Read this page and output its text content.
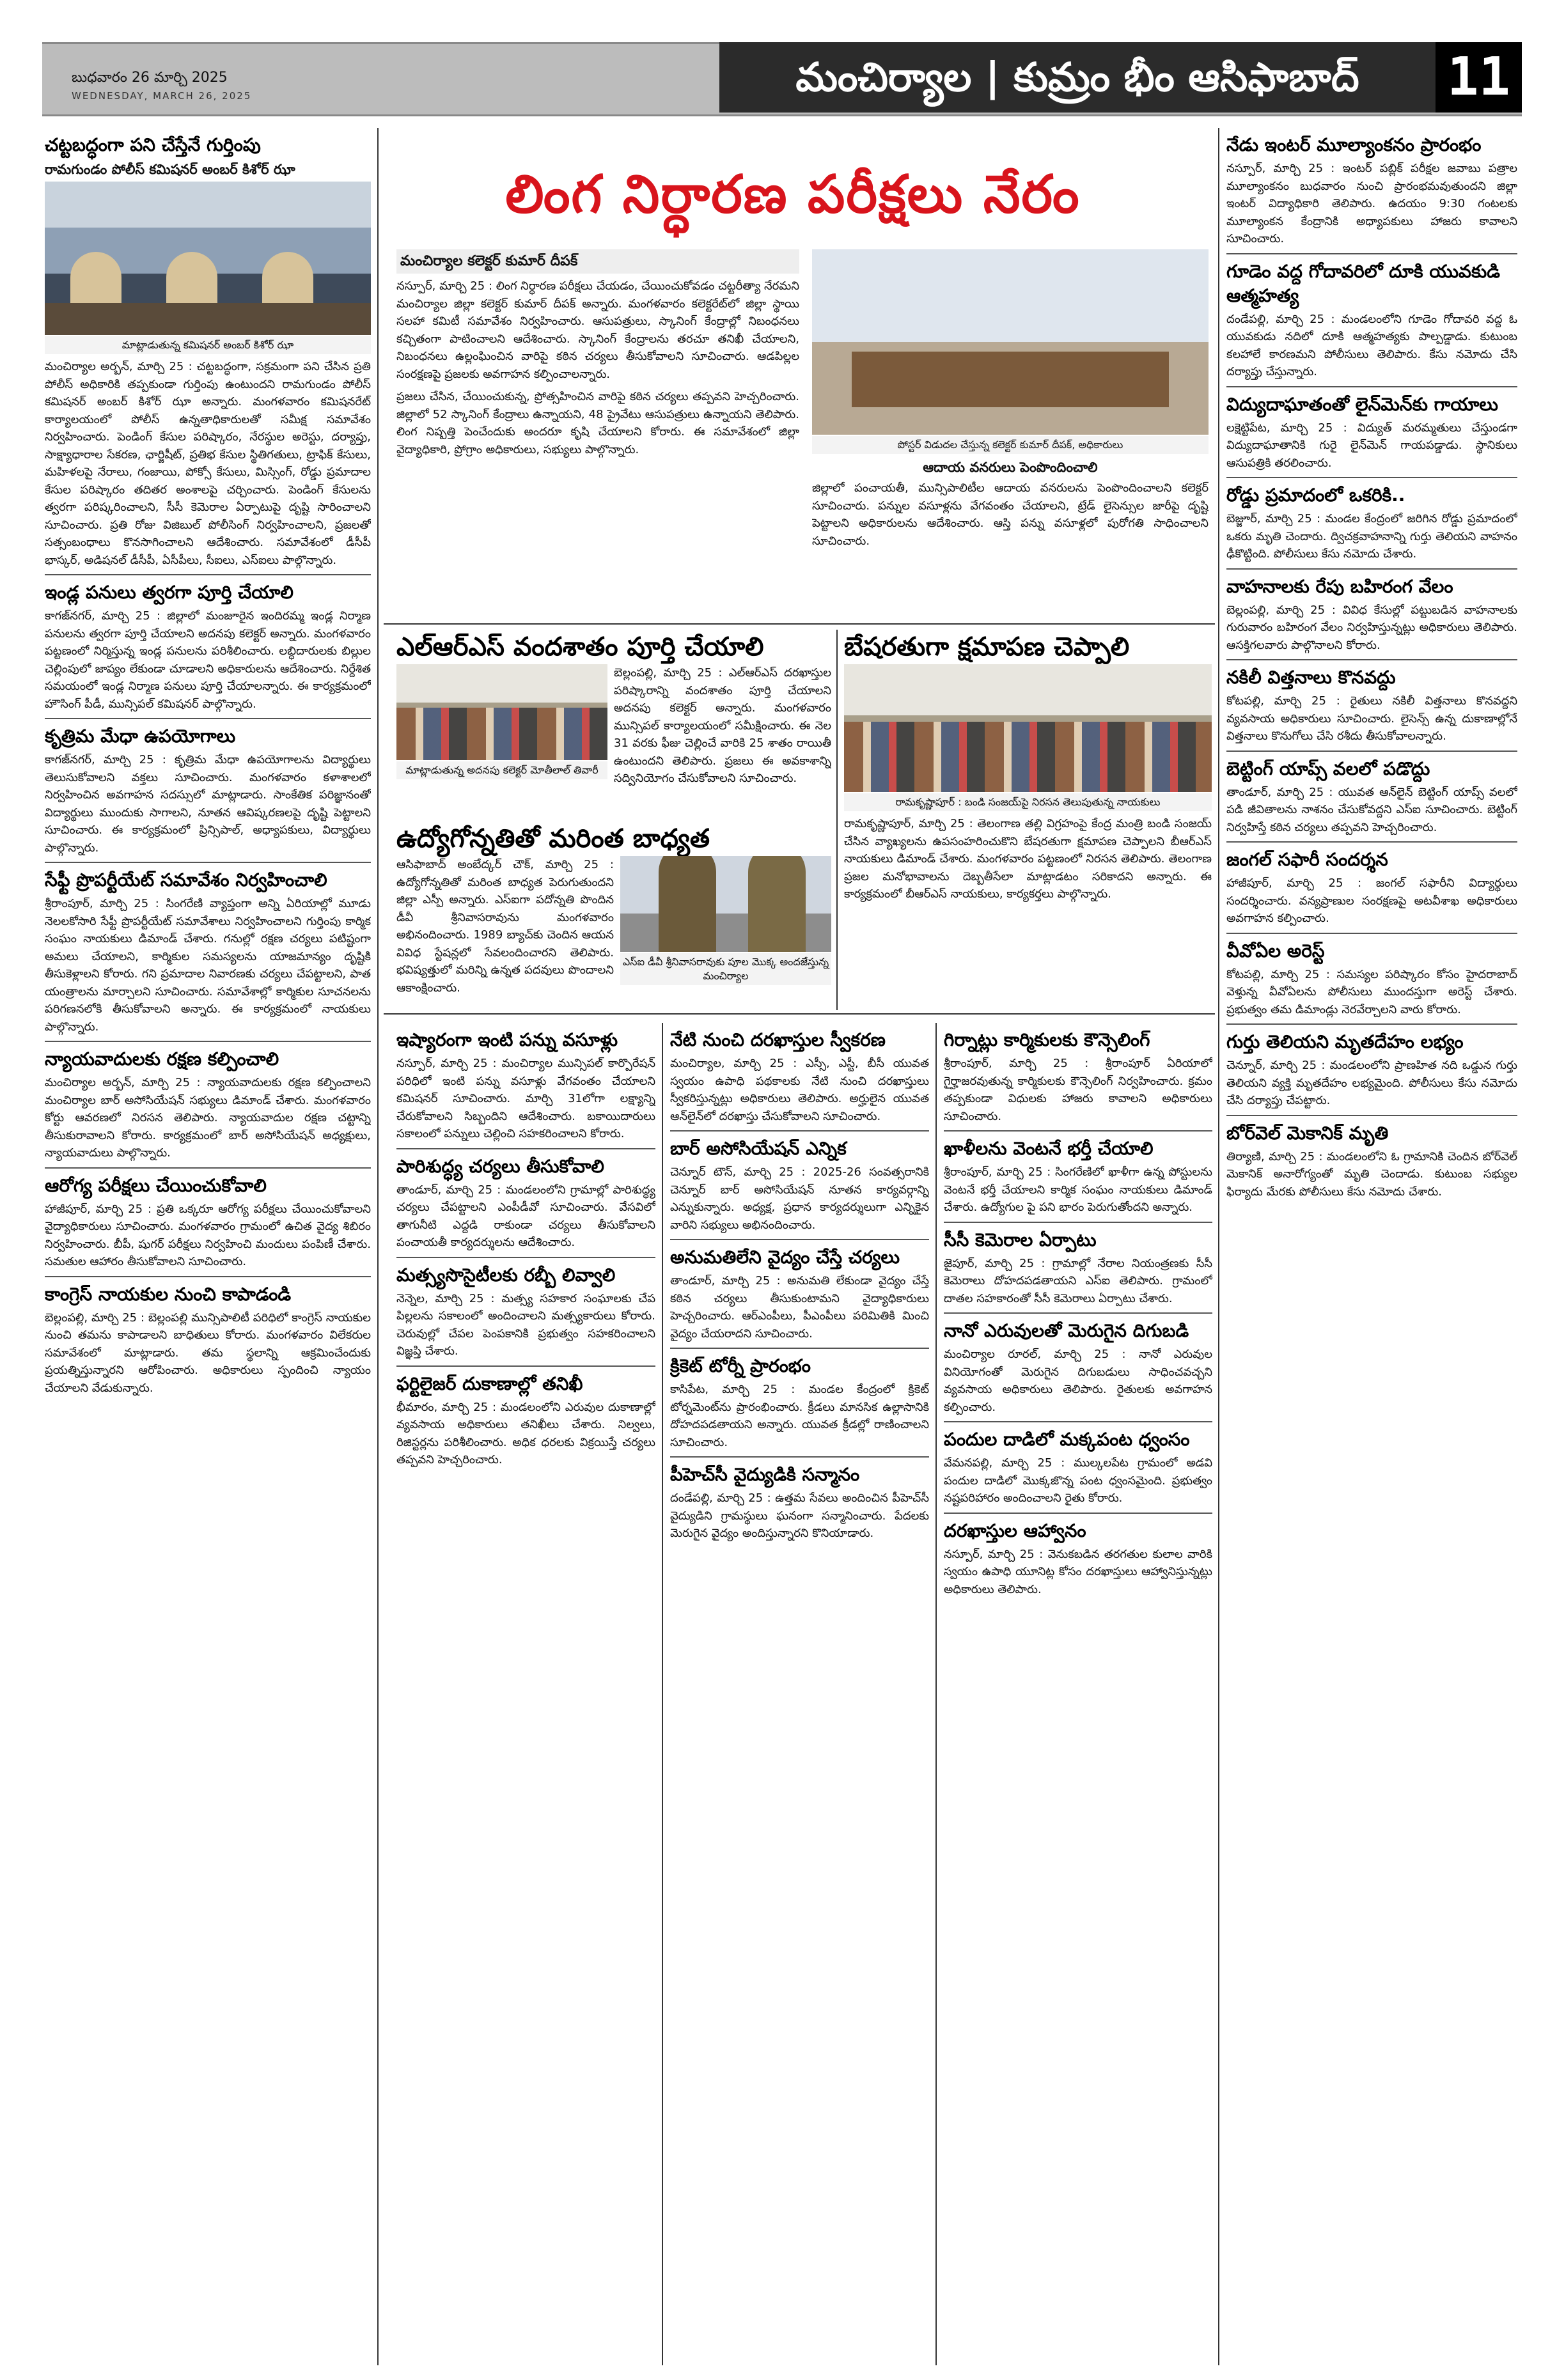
బుధవారం 26 మార్చి 2025
WEDNESDAY, MARCH 26, 2025	మంచిర్యాల | కుమ్రం భీం ఆసిఫాబాద్	11
చట్టబద్ధంగా పని చేస్తేనే గుర్తింపు
రామగుండం పోలీస్ కమిషనర్ అంబర్ కిశోర్ ఝా
మాట్లాడుతున్న కమిషనర్ అంబర్ కిశోర్ ఝా

మంచిర్యాల అర్బన్, మార్చి 25 : చట్టబద్ధంగా, సక్రమంగా పని చేసిన ప్రతి పోలీస్ అధికారికి తప్పకుండా గుర్తింపు ఉంటుందని రామగుండం పోలీస్ కమిషనర్ అంబర్ కిశోర్ ఝా అన్నారు. మంగళవారం కమిషనరేట్ కార్యాలయంలో పోలీస్ ఉన్నతాధికారులతో సమీక్ష సమావేశం నిర్వహించారు. పెండింగ్ కేసుల పరిష్కారం, నేరస్థుల అరెస్టు, దర్యాప్తు, సాక్ష్యాధారాల సేకరణ, ఛార్జిషీట్, ప్రతిభ కేసుల స్థితిగతులు, ట్రాఫిక్ కేసులు, మహిళలపై నేరాలు, గంజాయి, పోక్సో కేసులు, మిస్సింగ్, రోడ్డు ప్రమాదాల కేసుల పరిష్కారం తదితర అంశాలపై చర్చించారు. పెండింగ్ కేసులను త్వరగా పరిష్కరించాలని, సీసీ కెమెరాల ఏర్పాటుపై దృష్టి సారించాలని సూచించారు. ప్రతి రోజు విజిబుల్ పోలీసింగ్ నిర్వహించాలని, ప్రజలతో సత్సంబంధాలు కొనసాగించాలని ఆదేశించారు. సమావేశంలో డీసీపీ భాస్కర్, అడిషనల్ డీసీపీ, ఏసీపీలు, సీఐలు, ఎస్ఐలు పాల్గొన్నారు.

ఇండ్ల పనులు త్వరగా పూర్తి చేయాలి

కాగజ్‌నగర్, మార్చి 25 : జిల్లాలో మంజూరైన ఇందిరమ్మ ఇండ్ల నిర్మాణ పనులను త్వరగా పూర్తి చేయాలని అదనపు కలెక్టర్ అన్నారు. మంగళవారం పట్టణంలో నిర్మిస్తున్న ఇండ్ల పనులను పరిశీలించారు. లబ్ధిదారులకు బిల్లుల చెల్లింపులో జాప్యం లేకుండా చూడాలని అధికారులను ఆదేశించారు. నిర్దేశిత సమయంలో ఇండ్ల నిర్మాణ పనులు పూర్తి చేయాలన్నారు. ఈ కార్యక్రమంలో హౌసింగ్ పీడీ, మున్సిపల్ కమిషనర్ పాల్గొన్నారు.

కృత్రిమ మేధా ఉపయోగాలు

కాగజ్‌నగర్, మార్చి 25 : కృత్రిమ మేధా ఉపయోగాలను విద్యార్థులు తెలుసుకోవాలని వక్తలు సూచించారు. మంగళవారం కళాశాలలో నిర్వహించిన అవగాహన సదస్సులో మాట్లాడారు. సాంకేతిక పరిజ్ఞానంతో విద్యార్థులు ముందుకు సాగాలని, నూతన ఆవిష్కరణలపై దృష్టి పెట్టాలని సూచించారు. ఈ కార్యక్రమంలో ప్రిన్సిపాల్, అధ్యాపకులు, విద్యార్థులు పాల్గొన్నారు.

సేఫ్టీ ప్రొపర్టీయేట్ సమావేశం నిర్వహించాలి

శ్రీరాంపూర్, మార్చి 25 : సింగరేణి వ్యాప్తంగా అన్ని ఏరియాల్లో మూడు నెలలకోసారి సేఫ్టీ ప్రొపర్టీయేట్ సమావేశాలు నిర్వహించాలని గుర్తింపు కార్మిక సంఘం నాయకులు డిమాండ్ చేశారు. గనుల్లో రక్షణ చర్యలు పటిష్టంగా అమలు చేయాలని, కార్మికుల సమస్యలను యాజమాన్యం దృష్టికి తీసుకెళ్లాలని కోరారు. గని ప్రమాదాల నివారణకు చర్యలు చేపట్టాలని, పాత యంత్రాలను మార్చాలని సూచించారు. సమావేశాల్లో కార్మికుల సూచనలను పరిగణనలోకి తీసుకోవాలని అన్నారు. ఈ కార్యక్రమంలో నాయకులు పాల్గొన్నారు.

న్యాయవాదులకు రక్షణ కల్పించాలి

మంచిర్యాల అర్బన్, మార్చి 25 : న్యాయవాదులకు రక్షణ కల్పించాలని మంచిర్యాల బార్ అసోసియేషన్ సభ్యులు డిమాండ్ చేశారు. మంగళవారం కోర్టు ఆవరణలో నిరసన తెలిపారు. న్యాయవాదుల రక్షణ చట్టాన్ని తీసుకురావాలని కోరారు. కార్యక్రమంలో బార్ అసోసియేషన్ అధ్యక్షులు, న్యాయవాదులు పాల్గొన్నారు.

ఆరోగ్య పరీక్షలు చేయించుకోవాలి

హాజీపూర్, మార్చి 25 : ప్రతి ఒక్కరూ ఆరోగ్య పరీక్షలు చేయించుకోవాలని వైద్యాధికారులు సూచించారు. మంగళవారం గ్రామంలో ఉచిత వైద్య శిబిరం నిర్వహించారు. బీపీ, షుగర్ పరీక్షలు నిర్వహించి మందులు పంపిణీ చేశారు. సమతుల ఆహారం తీసుకోవాలని సూచించారు.

కాంగ్రెస్ నాయకుల నుంచి కాపాడండి

బెల్లంపల్లి, మార్చి 25 : బెల్లంపల్లి మున్సిపాలిటీ పరిధిలో కాంగ్రెస్ నాయకుల నుంచి తమను కాపాడాలని బాధితులు కోరారు. మంగళవారం విలేకరుల సమావేశంలో మాట్లాడారు. తమ స్థలాన్ని ఆక్రమించేందుకు ప్రయత్నిస్తున్నారని ఆరోపించారు. అధికారులు స్పందించి న్యాయం చేయాలని వేడుకున్నారు.

లింగ నిర్ధారణ పరీక్షలు నేరం
మంచిర్యాల కలెక్టర్ కుమార్ దీపక్

నస్పూర్, మార్చి 25 : లింగ నిర్ధారణ పరీక్షలు చేయడం, చేయించుకోవడం చట్టరీత్యా నేరమని మంచిర్యాల జిల్లా కలెక్టర్ కుమార్ దీపక్ అన్నారు. మంగళవారం కలెక్టరేట్‌లో జిల్లా స్థాయి సలహా కమిటీ సమావేశం నిర్వహించారు. ఆసుపత్రులు, స్కానింగ్ కేంద్రాల్లో నిబంధనలు కచ్చితంగా పాటించాలని ఆదేశించారు. స్కానింగ్ కేంద్రాలను తరచూ తనిఖీ చేయాలని, నిబంధనలు ఉల్లంఘించిన వారిపై కఠిన చర్యలు తీసుకోవాలని సూచించారు. ఆడపిల్లల సంరక్షణపై ప్రజలకు అవగాహన కల్పించాలన్నారు.

ప్రజలు చేసిన, చేయించుకున్న, ప్రోత్సహించిన వారిపై కఠిన చర్యలు తప్పవని హెచ్చరించారు. జిల్లాలో 52 స్కానింగ్ కేంద్రాలు ఉన్నాయని, 48 ప్రైవేటు ఆసుపత్రులు ఉన్నాయని తెలిపారు. లింగ నిష్పత్తి పెంచేందుకు అందరూ కృషి చేయాలని కోరారు. ఈ సమావేశంలో జిల్లా వైద్యాధికారి, ప్రోగ్రాం అధికారులు, సభ్యులు పాల్గొన్నారు.	పోస్టర్ విడుదల చేస్తున్న కలెక్టర్ కుమార్ దీపక్, అధికారులు
ఆదాయ వనరులు పెంపొందించాలి

జిల్లాలో పంచాయతీ, మున్సిపాలిటీల ఆదాయ వనరులను పెంపొందించాలని కలెక్టర్ సూచించారు. పన్నుల వసూళ్లను వేగవంతం చేయాలని, ట్రేడ్ లైసెన్సుల జారీపై దృష్టి పెట్టాలని అధికారులను ఆదేశించారు. ఆస్తి పన్ను వసూళ్లలో పురోగతి సాధించాలని సూచించారు.

ఎల్ఆర్ఎస్ వందశాతం పూర్తి చేయాలి
మాట్లాడుతున్న అదనపు కలెక్టర్ మోతీలాల్ తివారీ

బెల్లంపల్లి, మార్చి 25 : ఎల్ఆర్ఎస్ దరఖాస్తుల పరిష్కారాన్ని వందశాతం పూర్తి చేయాలని అదనపు కలెక్టర్ అన్నారు. మంగళవారం మున్సిపల్ కార్యాలయంలో సమీక్షించారు. ఈ నెల 31 వరకు ఫీజు చెల్లించే వారికి 25 శాతం రాయితీ ఉంటుందని తెలిపారు. ప్రజలు ఈ అవకాశాన్ని సద్వినియోగం చేసుకోవాలని సూచించారు.

ఉద్యోగోన్నతితో మరింత బాధ్యత

ఆసిఫాబాద్ అంబేద్కర్ చౌక్, మార్చి 25 : ఉద్యోగోన్నతితో మరింత బాధ్యత పెరుగుతుందని జిల్లా ఎస్పీ అన్నారు. ఎస్ఐగా పదోన్నతి పొందిన డీవీ శ్రీనివాసరావును మంగళవారం అభినందించారు. 1989 బ్యాచ్‌కు చెందిన ఆయన వివిధ స్టేషన్లలో సేవలందించారని తెలిపారు. భవిష్యత్తులో మరిన్ని ఉన్నత పదవులు పొందాలని ఆకాంక్షించారు.

ఎస్ఐ డీవీ శ్రీనివాసరావుకు పూల మొక్క అందజేస్తున్న మంచిర్యాల
బేషరతుగా క్షమాపణ చెప్పాలి
రామకృష్ణాపూర్ : బండి సంజయ్‌పై నిరసన తెలుపుతున్న నాయకులు

రామకృష్ణాపూర్, మార్చి 25 : తెలంగాణ తల్లి విగ్రహంపై కేంద్ర మంత్రి బండి సంజయ్ చేసిన వ్యాఖ్యలను ఉపసంహరించుకొని బేషరతుగా క్షమాపణ చెప్పాలని బీఆర్ఎస్ నాయకులు డిమాండ్ చేశారు. మంగళవారం పట్టణంలో నిరసన తెలిపారు. తెలంగాణ ప్రజల మనోభావాలను దెబ్బతీసేలా మాట్లాడటం సరికాదని అన్నారు. ఈ కార్యక్రమంలో బీఆర్ఎస్ నాయకులు, కార్యకర్తలు పాల్గొన్నారు.

ఇష్యారంగా ఇంటి పన్ను వసూళ్లు

నస్పూర్, మార్చి 25 : మంచిర్యాల మున్సిపల్ కార్పొరేషన్ పరిధిలో ఇంటి పన్ను వసూళ్లు వేగవంతం చేయాలని కమిషనర్ సూచించారు. మార్చి 31లోగా లక్ష్యాన్ని చేరుకోవాలని సిబ్బందిని ఆదేశించారు. బకాయిదారులు సకాలంలో పన్నులు చెల్లించి సహకరించాలని కోరారు.

పారిశుద్ధ్య చర్యలు తీసుకోవాలి

తాండూర్, మార్చి 25 : మండలంలోని గ్రామాల్లో పారిశుద్ధ్య చర్యలు చేపట్టాలని ఎంపీడీవో సూచించారు. వేసవిలో తాగునీటి ఎద్దడి రాకుండా చర్యలు తీసుకోవాలని పంచాయతీ కార్యదర్శులను ఆదేశించారు.

మత్స్యసొసైటీలకు రబ్బీ లివ్వాలి

నెన్నెల, మార్చి 25 : మత్స్య సహకార సంఘాలకు చేప పిల్లలను సకాలంలో అందించాలని మత్స్యకారులు కోరారు. చెరువుల్లో చేపల పెంపకానికి ప్రభుత్వం సహకరించాలని విజ్ఞప్తి చేశారు.

ఫర్టిలైజర్ దుకాణాల్లో తనిఖీ

భీమారం, మార్చి 25 : మండలంలోని ఎరువుల దుకాణాల్లో వ్యవసాయ అధికారులు తనిఖీలు చేశారు. నిల్వలు, రిజిస్టర్లను పరిశీలించారు. అధిక ధరలకు విక్రయిస్తే చర్యలు తప్పవని హెచ్చరించారు.

నేటి నుంచి దరఖాస్తుల స్వీకరణ

మంచిర్యాల, మార్చి 25 : ఎస్సీ, ఎస్టీ, బీసీ యువత స్వయం ఉపాధి పథకాలకు నేటి నుంచి దరఖాస్తులు స్వీకరిస్తున్నట్లు అధికారులు తెలిపారు. అర్హులైన యువత ఆన్‌లైన్‌లో దరఖాస్తు చేసుకోవాలని సూచించారు.

బార్ అసోసియేషన్ ఎన్నిక

చెన్నూర్ టౌన్, మార్చి 25 : 2025-26 సంవత్సరానికి చెన్నూర్ బార్ అసోసియేషన్ నూతన కార్యవర్గాన్ని ఎన్నుకున్నారు. అధ్యక్ష, ప్రధాన కార్యదర్శులుగా ఎన్నికైన వారిని సభ్యులు అభినందించారు.

అనుమతిలేని వైద్యం చేస్తే చర్యలు

తాండూర్, మార్చి 25 : అనుమతి లేకుండా వైద్యం చేస్తే కఠిన చర్యలు తీసుకుంటామని వైద్యాధికారులు హెచ్చరించారు. ఆర్ఎంపీలు, పీఎంపీలు పరిమితికి మించి వైద్యం చేయరాదని సూచించారు.

క్రికెట్ టోర్నీ ప్రారంభం

కాసిపేట, మార్చి 25 : మండల కేంద్రంలో క్రికెట్ టోర్నమెంట్‌ను ప్రారంభించారు. క్రీడలు మానసిక ఉల్లాసానికి దోహదపడతాయని అన్నారు. యువత క్రీడల్లో రాణించాలని సూచించారు.

పీహెచ్‌సీ వైద్యుడికి సన్మానం

దండేపల్లి, మార్చి 25 : ఉత్తమ సేవలు అందించిన పీహెచ్‌సీ వైద్యుడిని గ్రామస్థులు ఘనంగా సన్మానించారు. పేదలకు మెరుగైన వైద్యం అందిస్తున్నారని కొనియాడారు.

గిర్నాట్లు కార్మికులకు కౌన్సెలింగ్

శ్రీరాంపూర్, మార్చి 25 : శ్రీరాంపూర్ ఏరియాలో గైర్హాజరవుతున్న కార్మికులకు కౌన్సెలింగ్ నిర్వహించారు. క్రమం తప్పకుండా విధులకు హాజరు కావాలని అధికారులు సూచించారు.

ఖాళీలను వెంటనే భర్తీ చేయాలి

శ్రీరాంపూర్, మార్చి 25 : సింగరేణిలో ఖాళీగా ఉన్న పోస్టులను వెంటనే భర్తీ చేయాలని కార్మిక సంఘం నాయకులు డిమాండ్ చేశారు. ఉద్యోగుల పై పని భారం పెరుగుతోందని అన్నారు.

సీసీ కెమెరాల ఏర్పాటు

జైపూర్, మార్చి 25 : గ్రామాల్లో నేరాల నియంత్రణకు సీసీ కెమెరాలు దోహదపడతాయని ఎస్ఐ తెలిపారు. గ్రామంలో దాతల సహకారంతో సీసీ కెమెరాలు ఏర్పాటు చేశారు.

నానో ఎరువులతో మెరుగైన దిగుబడి

మంచిర్యాల రూరల్, మార్చి 25 : నానో ఎరువుల వినియోగంతో మెరుగైన దిగుబడులు సాధించవచ్చని వ్యవసాయ అధికారులు తెలిపారు. రైతులకు అవగాహన కల్పించారు.

పందుల దాడిలో మక్కపంట ధ్వంసం

వేమనపల్లి, మార్చి 25 : ముల్కలపేట గ్రామంలో అడవి పందుల దాడిలో మొక్కజొన్న పంట ధ్వంసమైంది. ప్రభుత్వం నష్టపరిహారం అందించాలని రైతు కోరారు.

దరఖాస్తుల ఆహ్వానం

నస్పూర్, మార్చి 25 : వెనుకబడిన తరగతుల కులాల వారికి స్వయం ఉపాధి యూనిట్ల కోసం దరఖాస్తులు ఆహ్వానిస్తున్నట్లు అధికారులు తెలిపారు.

నేడు ఇంటర్ మూల్యాంకనం ప్రారంభం

నస్పూర్, మార్చి 25 : ఇంటర్ పబ్లిక్ పరీక్షల జవాబు పత్రాల మూల్యాంకనం బుధవారం నుంచి ప్రారంభమవుతుందని జిల్లా ఇంటర్ విద్యాధికారి తెలిపారు. ఉదయం 9:30 గంటలకు మూల్యాంకన కేంద్రానికి అధ్యాపకులు హాజరు కావాలని సూచించారు.

గూడెం వద్ద గోదావరిలో దూకి యువకుడి ఆత్మహత్య

దండేపల్లి, మార్చి 25 : మండలంలోని గూడెం గోదావరి వద్ద ఓ యువకుడు నదిలో దూకి ఆత్మహత్యకు పాల్పడ్డాడు. కుటుంబ కలహాలే కారణమని పోలీసులు తెలిపారు. కేసు నమోదు చేసి దర్యాప్తు చేస్తున్నారు.

విద్యుదాఘాతంతో లైన్‌మెన్‌కు గాయాలు

లక్షెట్టిపేట, మార్చి 25 : విద్యుత్ మరమ్మతులు చేస్తుండగా విద్యుదాఘాతానికి గురై లైన్‌మెన్ గాయపడ్డాడు. స్థానికులు ఆసుపత్రికి తరలించారు.

రోడ్డు ప్రమాదంలో ఒకరికి..

బెజ్జూర్, మార్చి 25 : మండల కేంద్రంలో జరిగిన రోడ్డు ప్రమాదంలో ఒకరు మృతి చెందారు. ద్విచక్రవాహనాన్ని గుర్తు తెలియని వాహనం ఢీకొట్టింది. పోలీసులు కేసు నమోదు చేశారు.

వాహనాలకు రేపు బహిరంగ వేలం

బెల్లంపల్లి, మార్చి 25 : వివిధ కేసుల్లో పట్టుబడిన వాహనాలకు గురువారం బహిరంగ వేలం నిర్వహిస్తున్నట్లు అధికారులు తెలిపారు. ఆసక్తిగలవారు పాల్గొనాలని కోరారు.

నకిలీ విత్తనాలు కొనవద్దు

కోటపల్లి, మార్చి 25 : రైతులు నకిలీ విత్తనాలు కొనవద్దని వ్యవసాయ అధికారులు సూచించారు. లైసెన్స్ ఉన్న దుకాణాల్లోనే విత్తనాలు కొనుగోలు చేసి రశీదు తీసుకోవాలన్నారు.

బెట్టింగ్ యాప్స్ వలలో పడొద్దు

తాండూర్, మార్చి 25 : యువత ఆన్‌లైన్ బెట్టింగ్ యాప్స్ వలలో పడి జీవితాలను నాశనం చేసుకోవద్దని ఎస్ఐ సూచించారు. బెట్టింగ్ నిర్వహిస్తే కఠిన చర్యలు తప్పవని హెచ్చరించారు.

జంగల్ సఫారీ సందర్శన

హాజీపూర్, మార్చి 25 : జంగల్ సఫారీని విద్యార్థులు సందర్శించారు. వన్యప్రాణుల సంరక్షణపై అటవీశాఖ అధికారులు అవగాహన కల్పించారు.

వీవోఏల అరెస్ట్

కోటపల్లి, మార్చి 25 : సమస్యల పరిష్కారం కోసం హైదరాబాద్ వెళ్తున్న వీవోఏలను పోలీసులు ముందస్తుగా అరెస్ట్ చేశారు. ప్రభుత్వం తమ డిమాండ్లు నెరవేర్చాలని వారు కోరారు.

గుర్తు తెలియని మృతదేహం లభ్యం

చెన్నూర్, మార్చి 25 : మండలంలోని ప్రాణహిత నది ఒడ్డున గుర్తు తెలియని వ్యక్తి మృతదేహం లభ్యమైంది. పోలీసులు కేసు నమోదు చేసి దర్యాప్తు చేపట్టారు.

బోర్‌వెల్ మెకానిక్ మృతి

తిర్యాణి, మార్చి 25 : మండలంలోని ఓ గ్రామానికి చెందిన బోర్‌వెల్ మెకానిక్ అనారోగ్యంతో మృతి చెందాడు. కుటుంబ సభ్యుల ఫిర్యాదు మేరకు పోలీసులు కేసు నమోదు చేశారు.
